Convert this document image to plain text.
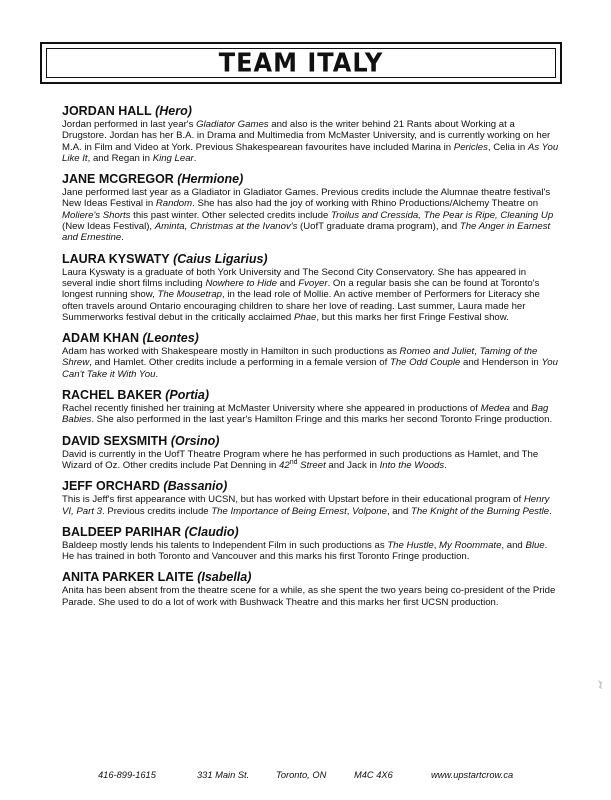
TEAM ITALY
JORDAN HALL (Hero)

Jordan performed in last year's Gladiator Games and also is the writer behind 21 Rants about Working at a Drugstore. Jordan has her B.A. in Drama and Multimedia from McMaster University, and is currently working on her M.A. in Film and Video at York. Previous Shakespearean favourites have included Marina in Pericles, Celia in As You Like It, and Regan in King Lear.

JANE MCGREGOR (Hermione)

Jane performed last year as a Gladiator in Gladiator Games. Previous credits include the Alumnae theatre festival's New Ideas Festival in Random. She has also had the joy of working with Rhino Productions/Alchemy Theatre on Moliere's Shorts this past winter. Other selected credits include Troilus and Cressida, The Pear is Ripe, Cleaning Up (New Ideas Festival), Aminta, Christmas at the Ivanov's (UofT graduate drama program), and The Anger in Earnest and Ernestine.

LAURA KYSWATY (Caius Ligarius)

Laura Kyswaty is a graduate of both York University and The Second City Conservatory. She has appeared in several indie short films including Nowhere to Hide and Fvoyer. On a regular basis she can be found at Toronto's longest running show, The Mousetrap, in the lead role of Mollie. An active member of Performers for Literacy she often travels around Ontario encouraging children to share her love of reading. Last summer, Laura made her Summerworks festival debut in the critically acclaimed Phae, but this marks her first Fringe Festival show.

ADAM KHAN (Leontes)

Adam has worked with Shakespeare mostly in Hamilton in such productions as Romeo and Juliet, Taming of the Shrew, and Hamlet. Other credits include a performing in a female version of The Odd Couple and Henderson in You Can't Take it With You.

RACHEL BAKER (Portia)

Rachel recently finished her training at McMaster University where she appeared in productions of Medea and Bag Babies. She also performed in the last year's Hamilton Fringe and this marks her second Toronto Fringe production.

DAVID SEXSMITH (Orsino)

David is currently in the UofT Theatre Program where he has performed in such productions as Hamlet, and The Wizard of Oz. Other credits include Pat Denning in 42nd Street and Jack in Into the Woods.

JEFF ORCHARD (Bassanio)

This is Jeff's first appearance with UCSN, but has worked with Upstart before in their educational program of Henry VI, Part 3. Previous credits include The Importance of Being Ernest, Volpone, and The Knight of the Burning Pestle.

BALDEEP PARIHAR (Claudio)

Baldeep mostly lends his talents to Independent Film in such productions as The Hustle, My Roommate, and Blue. He has trained in both Toronto and Vancouver and this marks his first Toronto Fringe production.

ANITA PARKER LAITE (Isabella)

Anita has been absent from the theatre scene for a while, as she spent the two years being co-president of the Pride Parade. She used to do a lot of work with Bushwack Theatre and this marks her first UCSN production.

416-899-1615	331 Main St.	Toronto, ON	M4C 4X6	www.upstartcrow.ca
